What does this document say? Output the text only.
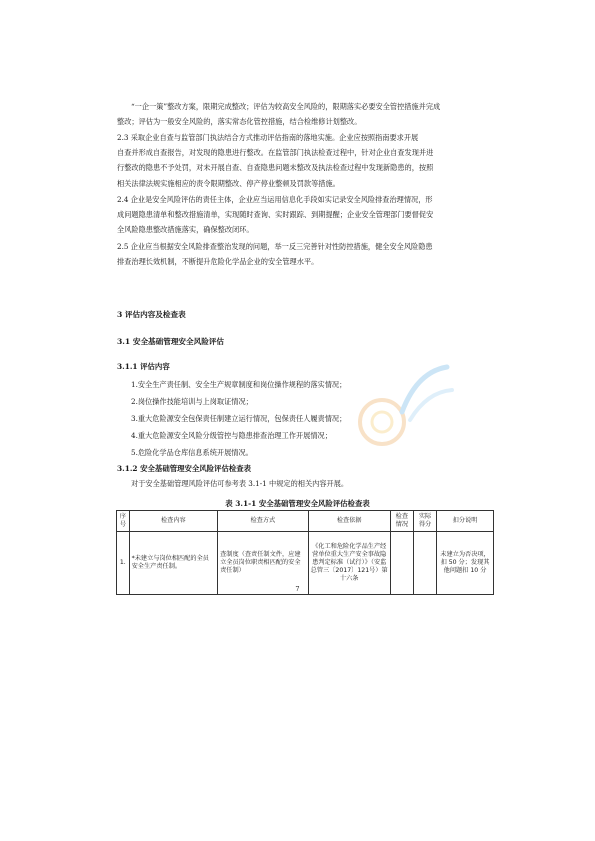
“一企一策”整改方案，限期完成整改；评估为较高安全风险的，限期落实必要安全管控措施并完成
整改；评估为一般安全风险的，落实常态化管控措施，结合检维修计划整改。
2.3 采取企业自查与监管部门执法结合方式推动评估指南的落地实施。企业应按照指南要求开展
自查并形成自查报告，对发现的隐患进行整改。在监管部门执法检查过程中，针对企业自查发现并进
行整改的隐患不予处罚，对未开展自查、自查隐患问题未整改及执法检查过程中发现新隐患的，按照
相关法律法规实施相应的责令限期整改、停产停业整顿及罚款等措施。
2.4 企业是安全风险评估的责任主体，企业应当运用信息化手段如实记录安全风险排查治理情况，形
成问题隐患清单和整改措施清单，实现随时查询、实时跟踪、到期提醒；企业安全管理部门要督促安
全风险隐患整改措施落实，确保整改闭环。
2.5 企业应当根据安全风险排查整治发现的问题，举一反三完善针对性防控措施，健全安全风险隐患
排查治理长效机制，不断提升危险化学品企业的安全管理水平。

3 评估内容及检查表

3.1 安全基础管理安全风险评估

3.1.1 评估内容

1.安全生产责任制、安全生产规章制度和岗位操作规程的落实情况；

2.岗位操作技能培训与上岗取证情况；

3.重大危险源安全包保责任制建立运行情况，包保责任人履责情况；

4.重大危险源安全风险分级管控与隐患排查治理工作开展情况；

5.危险化学品仓库信息系统开展情况。

3.1.2 安全基础管理安全风险评估检查表

对于安全基础管理风险评估可参考表 3.1-1 中规定的相关内容开展。

表 3.1-1 安全基础管理安全风险评估检查表
序号	检查内容	检查方式	检查依据	检查情况	实际得分	扣分说明
1.	*未建立与岗位相匹配的全员安全生产责任制。	查制度（查责任制文件，应建立全员岗位职责相匹配的安全责任制）	《化工和危险化学品生产经营单位重大生产安全事故隐患判定标准（试行）》（安监总管三〔2017〕121号）第十六条			未建立为否决项，扣 50 分；发现其他问题扣 10 分
7
